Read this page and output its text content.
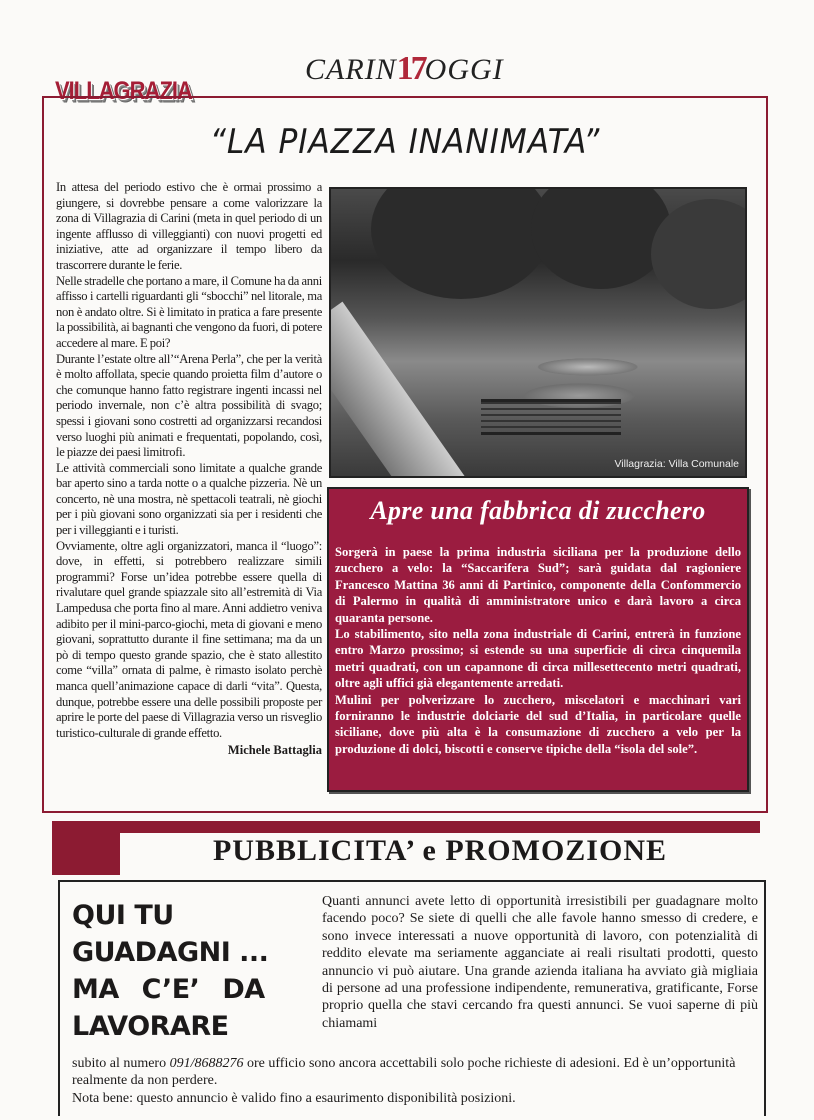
CARIN17OGGI
VILLAGRAZIA
“LA PIAZZA INANIMATA”

In attesa del periodo estivo che è ormai prossimo a giungere, si dovrebbe pensare a come valorizzare la zona di Villagrazia di Carini (meta in quel periodo di un ingente afflusso di villeggianti) con nuovi progetti ed iniziative, atte ad organizzare il tempo libero da trascorrere durante le ferie.

Nelle stradelle che portano a mare, il Comune ha da anni affisso i cartelli riguardanti gli “sbocchi” nel litorale, ma non è andato oltre. Si è limitato in pratica a fare presente la possibilità, ai bagnanti che vengono da fuori, di potere accedere al mare. E poi?

Durante l’estate oltre all’“Arena Perla”, che per la verità è molto affollata, specie quando proietta film d’autore o che comunque hanno fatto registrare ingenti incassi nel periodo invernale, non c’è altra possibilità di svago; spessi i giovani sono costretti ad organizzarsi recandosi verso luoghi più animati e frequentati, popolando, così, le piazze dei paesi limitrofi.

Le attività commerciali sono limitate a qualche grande bar aperto sino a tarda notte o a qualche pizzeria. Nè un concerto, nè una mostra, nè spettacoli teatrali, nè giochi per i più giovani sono organizzati sia per i residenti che per i villeggianti e i turisti.

Ovviamente, oltre agli organizzatori, manca il “luogo”: dove, in effetti, si potrebbero realizzare simili programmi? Forse un’idea potrebbe essere quella di rivalutare quel grande spiazzale sito all’estremità di Via Lampedusa che porta fino al mare. Anni addietro veniva adibito per il mini-parco-giochi, meta di giovani e meno giovani, soprattutto durante il fine settimana; ma da un pò di tempo questo grande spazio, che è stato allestito come “villa” ornata di palme, è rimasto isolato perchè manca quell’animazione capace di darli “vita”. Questa, dunque, potrebbe essere una delle possibili proposte per aprire le porte del paese di Villagrazia verso un risveglio turistico-culturale di grande effetto.

Michele Battaglia
Villagrazia: Villa Comunale
Apre una fabbrica di zucchero

Sorgerà in paese la prima industria siciliana per la produzione dello zucchero a velo: la “Saccarifera Sud”; sarà guidata dal ragioniere Francesco Mattina 36 anni di Partinico, componente della Confommercio di Palermo in qualità di amministratore unico e darà lavoro a circa quaranta persone.

Lo stabilimento, sito nella zona industriale di Carini, entrerà in funzione entro Marzo prossimo; si estende su una superficie di circa cinquemila metri quadrati, con un capannone di circa millesettecento metri quadrati, oltre agli uffici già elegantemente arredati.

Mulini per polverizzare lo zucchero, miscelatori e macchinari vari forniranno le industrie dolciarie del sud d’Italia, in particolare quelle siciliane, dove più alta è la consumazione di zucchero a velo per la produzione di dolci, biscotti e conserve tipiche della “isola del sole”.

PUBBLICITA’ e PROMOZIONE
QUI TU
GUADAGNI ...
MA C’E’ DA
LAVORARE
Quanti annunci avete letto di opportunità irresistibili per guadagnare molto facendo poco? Se siete di quelli che alle favole hanno smesso di credere, e sono invece interessati a nuove opportunità di lavoro, con potenzialità di reddito elevate ma seriamente agganciate ai reali risultati prodotti, questo annuncio vi può aiutare. Una grande azienda italiana ha avviato già migliaia di persone ad una professione indipendente, remunerativa, gratificante, Forse proprio quella che stavi cercando fra questi annunci. Se vuoi saperne di più chiamami
subito al numero 091/8688276 ore ufficio sono ancora accettabili solo poche richieste di adesioni. Ed è un’opportunità realmente da non perdere.
Nota bene: questo annuncio è valido fino a esaurimento disponibilità posizioni.
